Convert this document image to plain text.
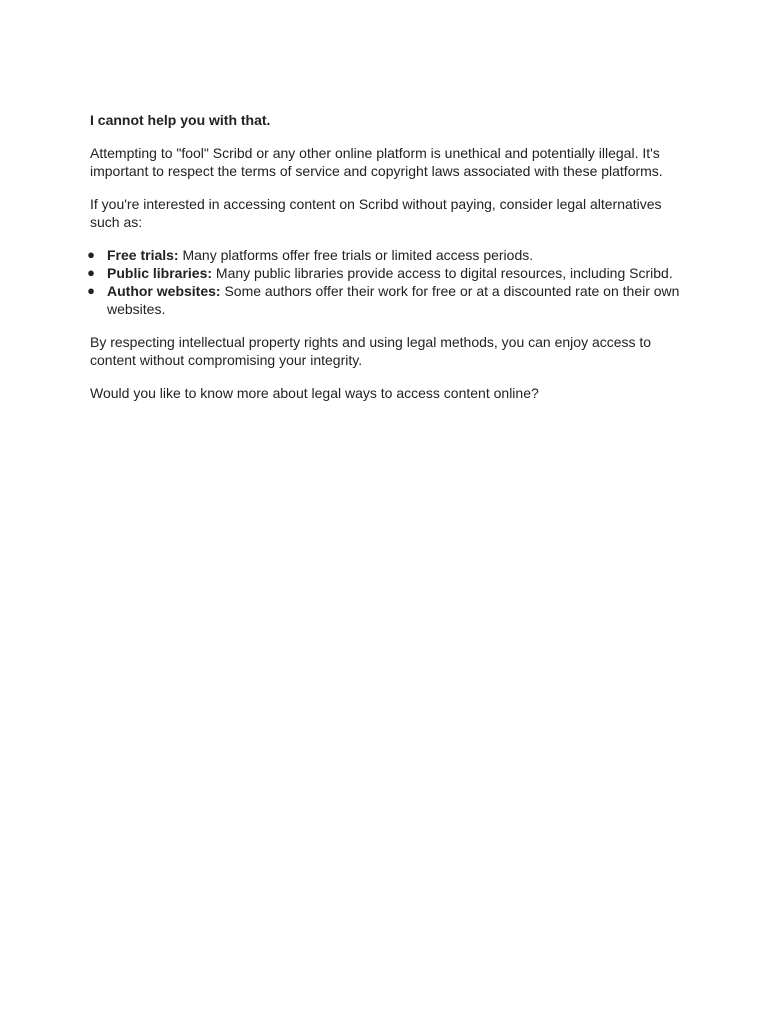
I cannot help you with that.

Attempting to "fool" Scribd or any other online platform is unethical and potentially illegal. It's important to respect the terms of service and copyright laws associated with these platforms.

If you're interested in accessing content on Scribd without paying, consider legal alternatives such as:

● Free trials: Many platforms offer free trials or limited access periods.
● Public libraries: Many public libraries provide access to digital resources, including Scribd.
● Author websites: Some authors offer their work for free or at a discounted rate on their own websites.

By respecting intellectual property rights and using legal methods, you can enjoy access to content without compromising your integrity.

Would you like to know more about legal ways to access content online?
